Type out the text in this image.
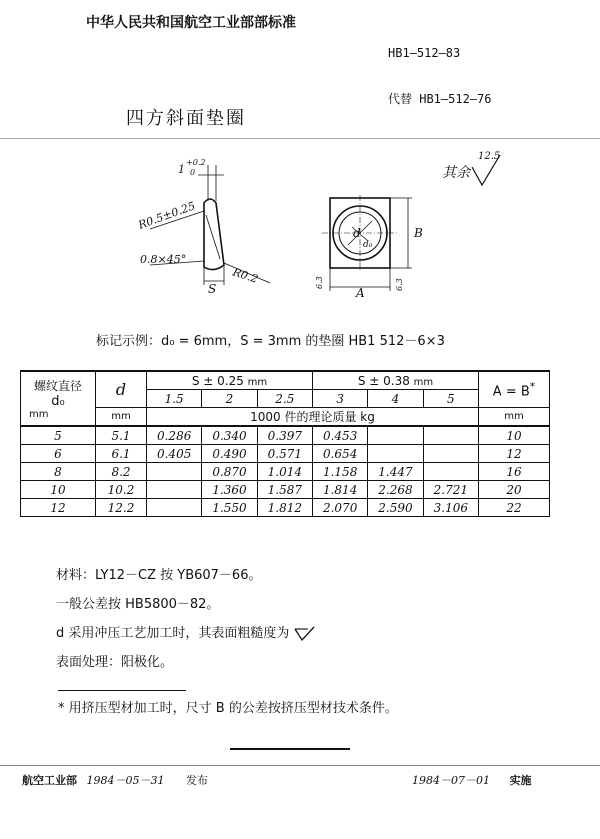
中华人民共和国航空工业部部标准
HB1—512—83
代替 HB1—512—76
四方斜面垫圈
其余
12.5
1
+0.2
0
R0.5±0.25
0.8×45°
R0.2
S
d
d₀
A
B
6.3	6.3
标记示例：d₀ = 6mm，S = 3mm 的垫圈 HB1 512－6×3
螺纹直径
d₀
mm	d	S ± 0.25 mm			S ± 0.38 mm			A = B*
		1.5	2	2.5	3	4	5	
	mm	1000 件的理论质量 kg						mm
5	5.1	0.286	0.340	0.397	0.453			10
6	6.1	0.405	0.490	0.571	0.654			12
8	8.2		0.870	1.014	1.158	1.447		16
10	10.2		1.360	1.587	1.814	2.268	2.721	20
12	12.2		1.550	1.812	2.070	2.590	3.106	22
材料：LY12－CZ 按 YB607－66。
一般公差按 HB5800－82。
d 采用冲压工艺加工时，其表面粗糙度为
表面处理：阳极化。
* 用挤压型材加工时，尺寸 B 的公差按挤压型材技术条件。
航空工业部 1984－05－31 发布	1984－07－01 实施
